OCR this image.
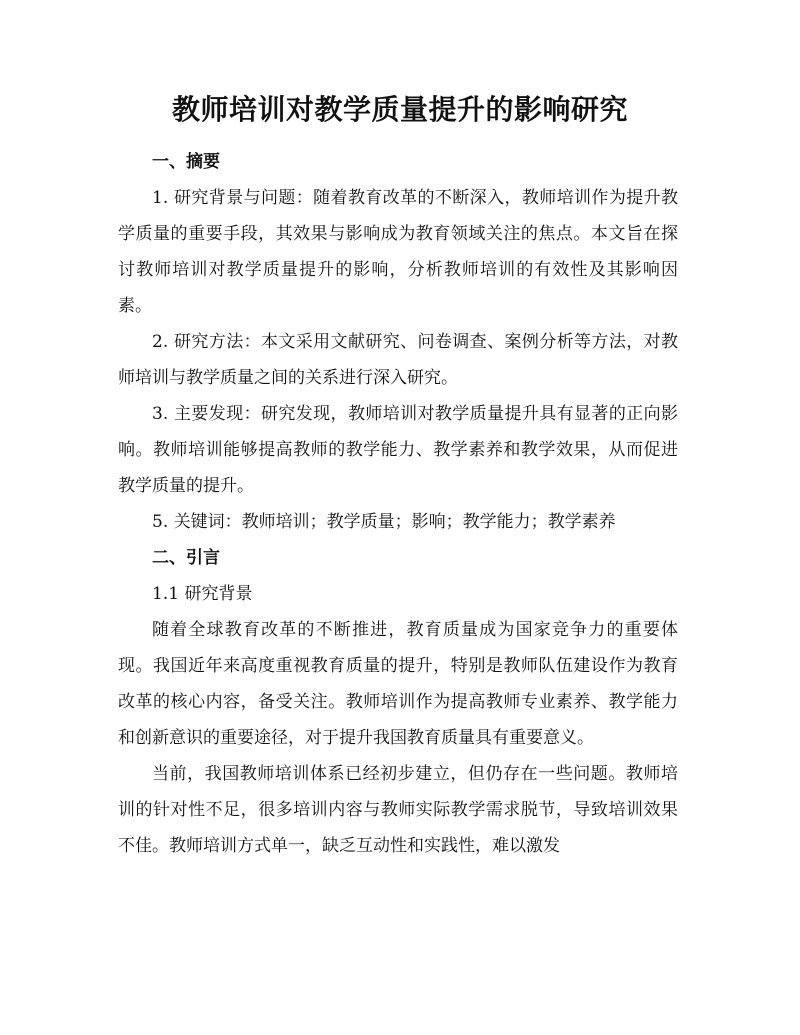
教师培训对教学质量提升的影响研究

一、摘要

1. 研究背景与问题：随着教育改革的不断深入，教师培训作为提升教学质量的重要手段，其效果与影响成为教育领域关注的焦点。本文旨在探讨教师培训对教学质量提升的影响，分析教师培训的有效性及其影响因素。

2. 研究方法：本文采用文献研究、问卷调查、案例分析等方法，对教师培训与教学质量之间的关系进行深入研究。

3. 主要发现：研究发现，教师培训对教学质量提升具有显著的正向影响。教师培训能够提高教师的教学能力、教学素养和教学效果，从而促进教学质量的提升。

5. 关键词：教师培训；教学质量；影响；教学能力；教学素养

二、引言

1.1 研究背景

随着全球教育改革的不断推进，教育质量成为国家竞争力的重要体现。我国近年来高度重视教育质量的提升，特别是教师队伍建设作为教育改革的核心内容，备受关注。教师培训作为提高教师专业素养、教学能力和创新意识的重要途径，对于提升我国教育质量具有重要意义。

当前，我国教师培训体系已经初步建立，但仍存在一些问题。教师培训的针对性不足，很多培训内容与教师实际教学需求脱节，导致培训效果不佳。教师培训方式单一，缺乏互动性和实践性，难以激发
